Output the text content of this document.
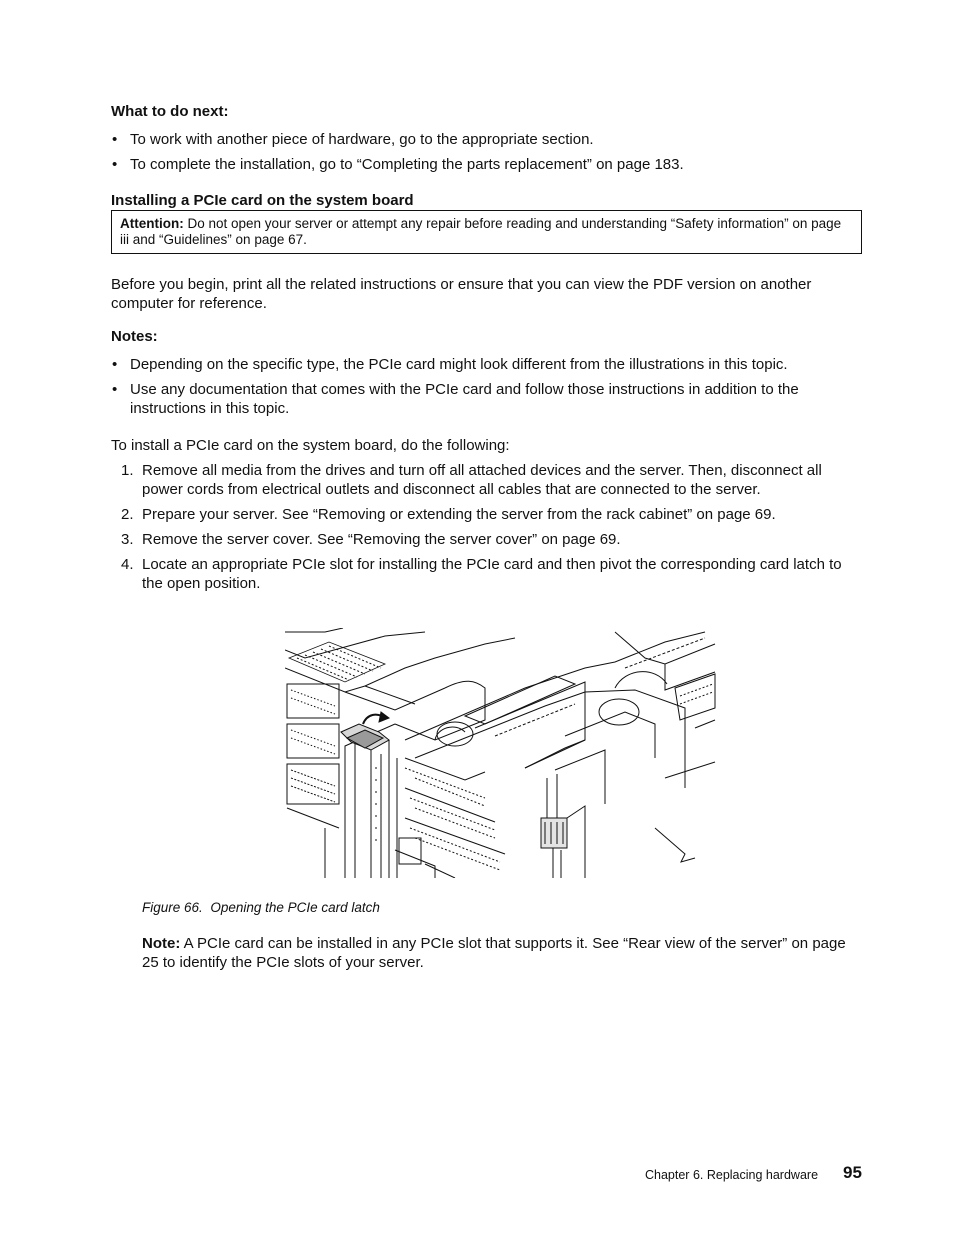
What to do next:
• To work with another piece of hardware, go to the appropriate section.
• To complete the installation, go to “Completing the parts replacement” on page 183.
Installing a PCIe card on the system board
Attention: Do not open your server or attempt any repair before reading and understanding “Safety information” on page iii and “Guidelines” on page 67.
Before you begin, print all the related instructions or ensure that you can view the PDF version on another computer for reference.
Notes:
• Depending on the specific type, the PCIe card might look different from the illustrations in this topic.
• Use any documentation that comes with the PCIe card and follow those instructions in addition to the instructions in this topic.
To install a PCIe card on the system board, do the following:
1. Remove all media from the drives and turn off all attached devices and the server. Then, disconnect all power cords from electrical outlets and disconnect all cables that are connected to the server.
2. Prepare your server. See “Removing or extending the server from the rack cabinet” on page 69.
3. Remove the server cover. See “Removing the server cover” on page 69.
4. Locate an appropriate PCIe slot for installing the PCIe card and then pivot the corresponding card latch to the open position.
Figure 66. Opening the PCIe card latch
Note: A PCIe card can be installed in any PCIe slot that supports it. See “Rear view of the server” on page 25 to identify the PCIe slots of your server.
Chapter 6. Replacing hardware 95
